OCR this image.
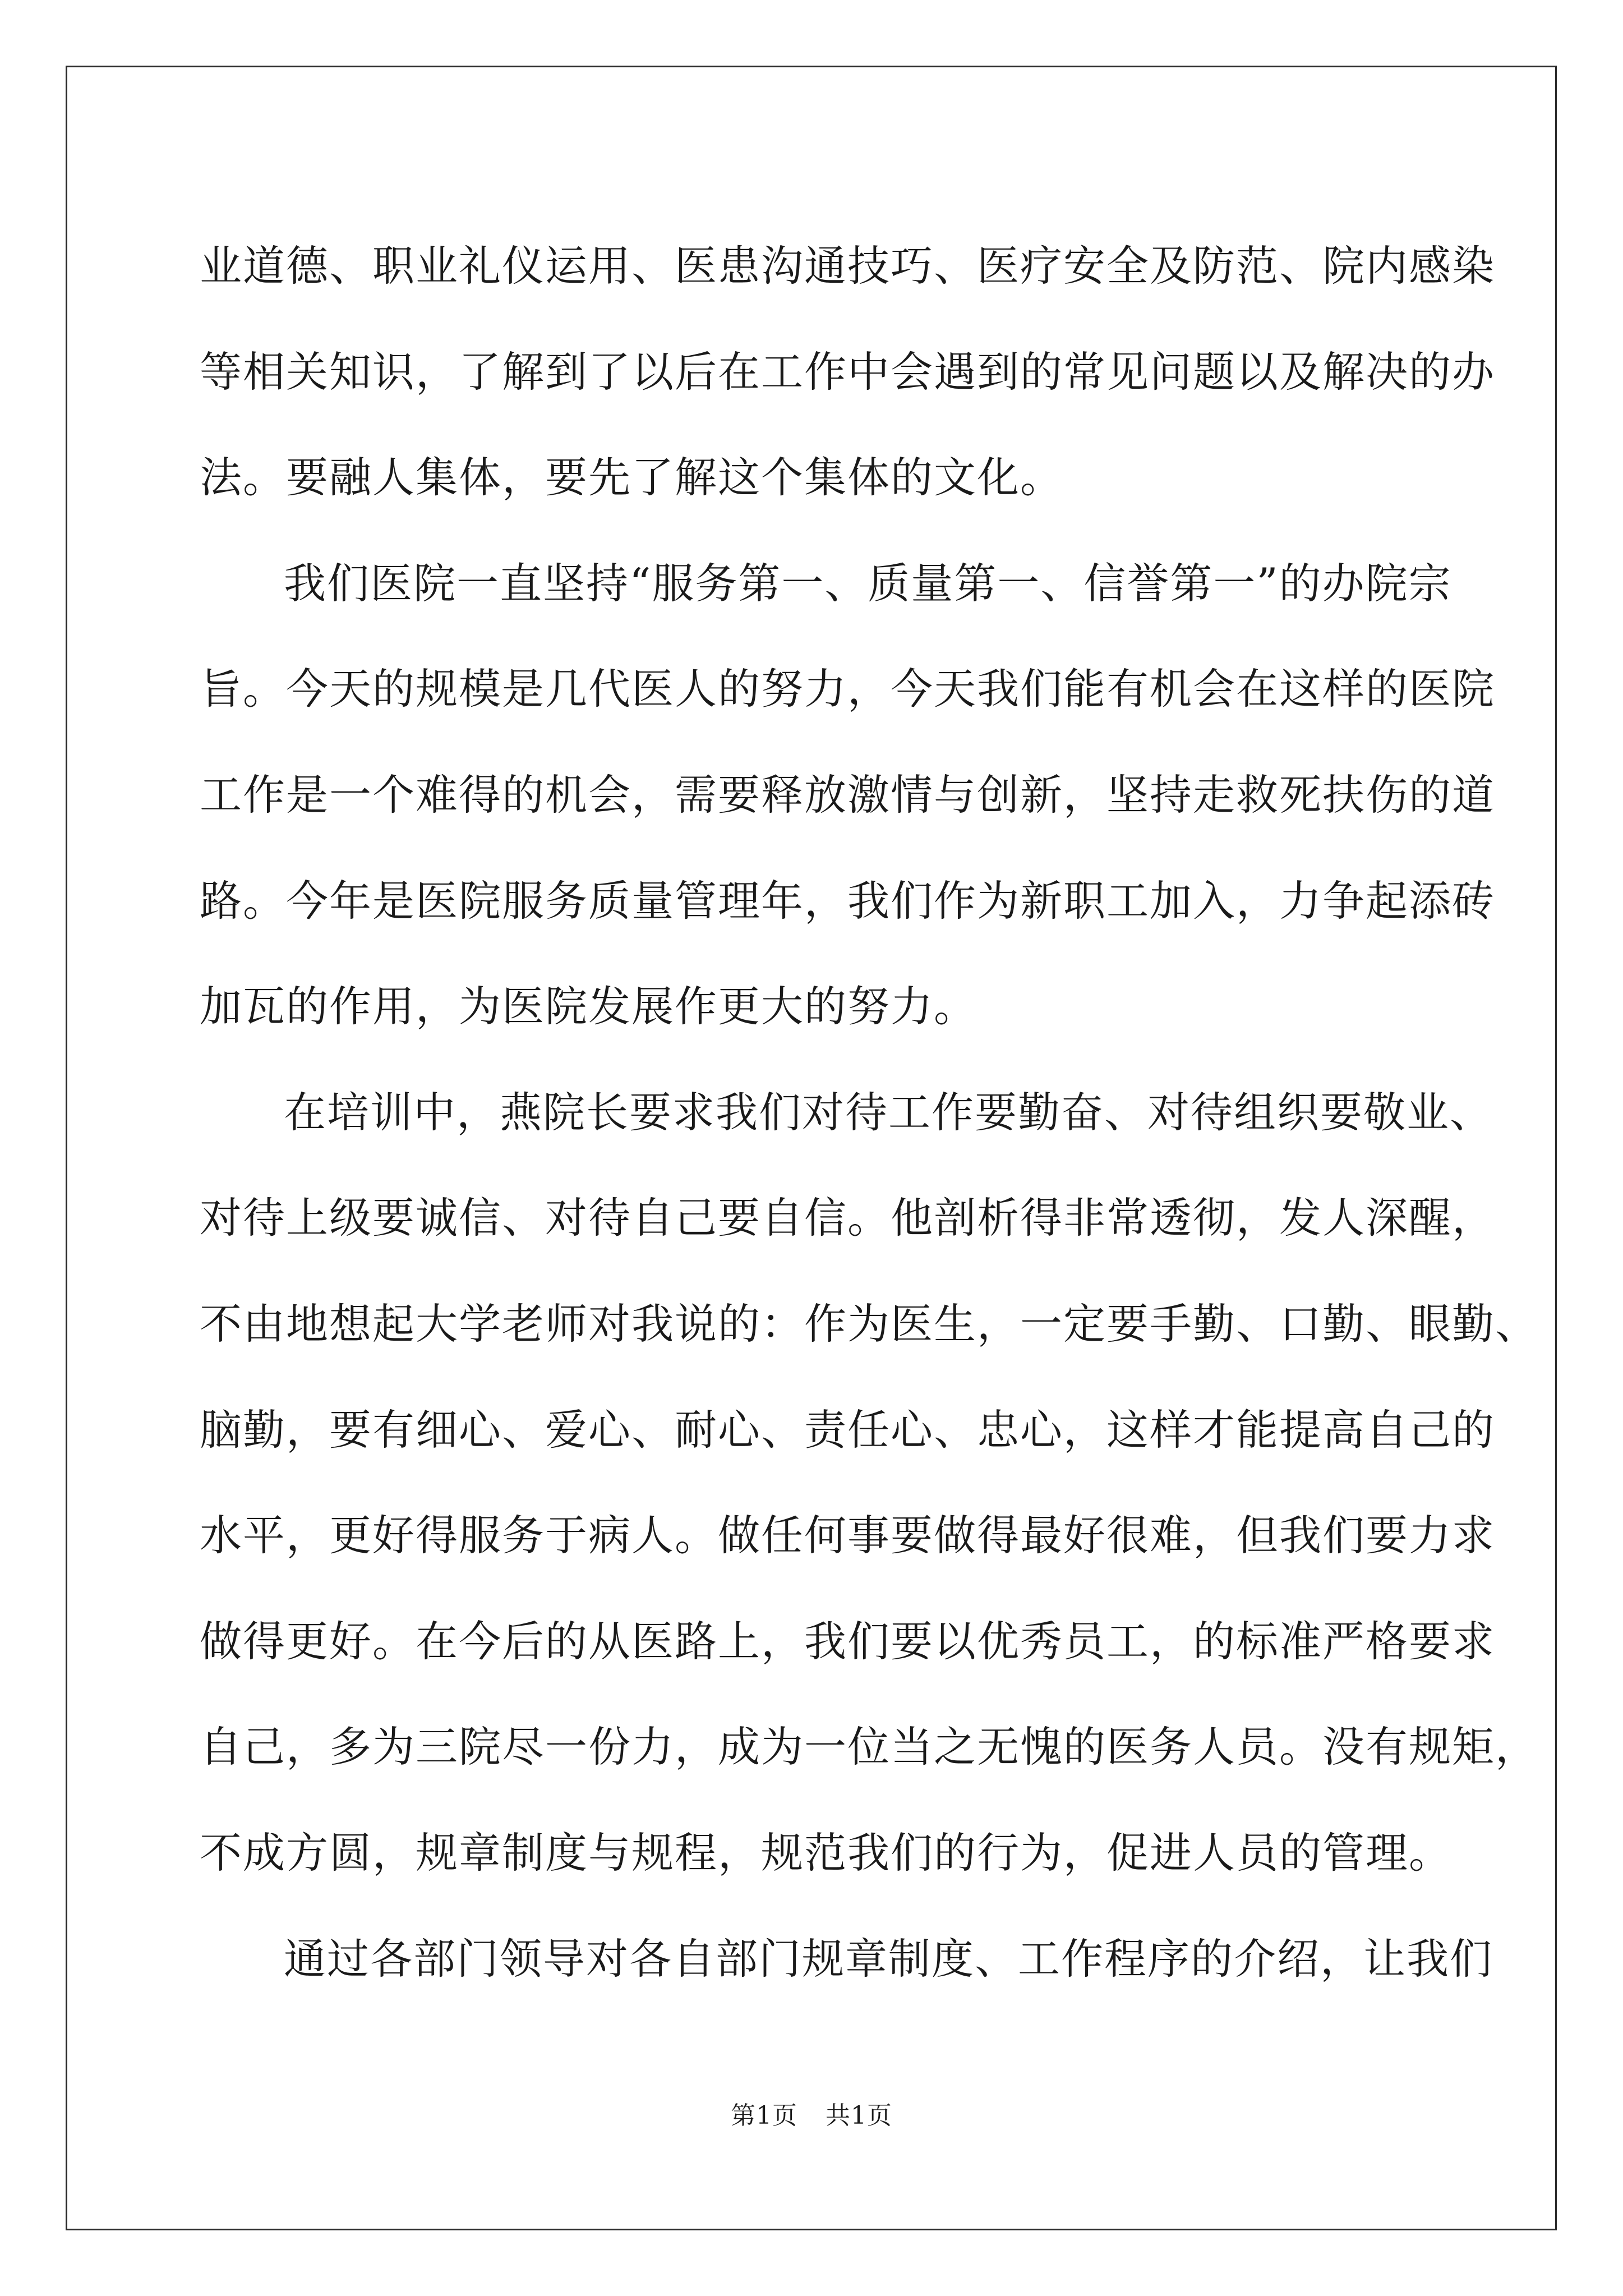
业道德、职业礼仪运用、医患沟通技巧、医疗安全及防范、院内感染
等相关知识，了解到了以后在工作中会遇到的常见问题以及解决的办
法。要融人集体，要先了解这个集体的文化。
我们医院一直坚持“服务第一、质量第一、信誉第一”的办院宗
旨。今天的规模是几代医人的努力，今天我们能有机会在这样的医院
工作是一个难得的机会，需要释放激情与创新，坚持走救死扶伤的道
路。今年是医院服务质量管理年，我们作为新职工加入，力争起添砖
加瓦的作用，为医院发展作更大的努力。
在培训中，燕院长要求我们对待工作要勤奋、对待组织要敬业、
对待上级要诚信、对待自己要自信。他剖析得非常透彻，发人深醒，
不由地想起大学老师对我说的：作为医生，一定要手勤、口勤、眼勤、
脑勤，要有细心、爱心、耐心、责任心、忠心，这样才能提高自己的
水平，更好得服务于病人。做任何事要做得最好很难，但我们要力求
做得更好。在今后的从医路上，我们要以优秀员工，的标准严格要求
自己，多为三院尽一份力，成为一位当之无愧的医务人员。没有规矩，
不成方圆，规章制度与规程，规范我们的行为，促进人员的管理。
通过各部门领导对各自部门规章制度、工作程序的介绍，让我们
第1页 共1页
